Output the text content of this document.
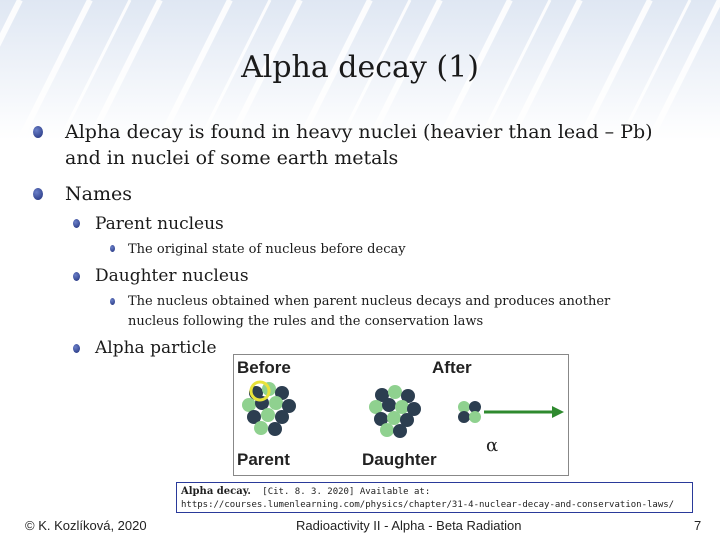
Alpha decay (1)
Alpha decay is found in heavy nuclei (heavier than lead – Pb) and in nuclei of some earth metals
Names
Parent nucleus
The original state of nucleus before decay
Daughter nucleus
The nucleus obtained when parent nucleus decays and produces another nucleus following the rules and the conservation laws
Alpha particle
Before	After
Parent	Daughter
α
Alpha decay. [Cit. 8. 3. 2020] Available at:
https://courses.lumenlearning.com/physics/chapter/31-4-nuclear-decay-and-conservation-laws/
© K. Kozlíková, 2020	Radioactivity II - Alpha - Beta Radiation	7
